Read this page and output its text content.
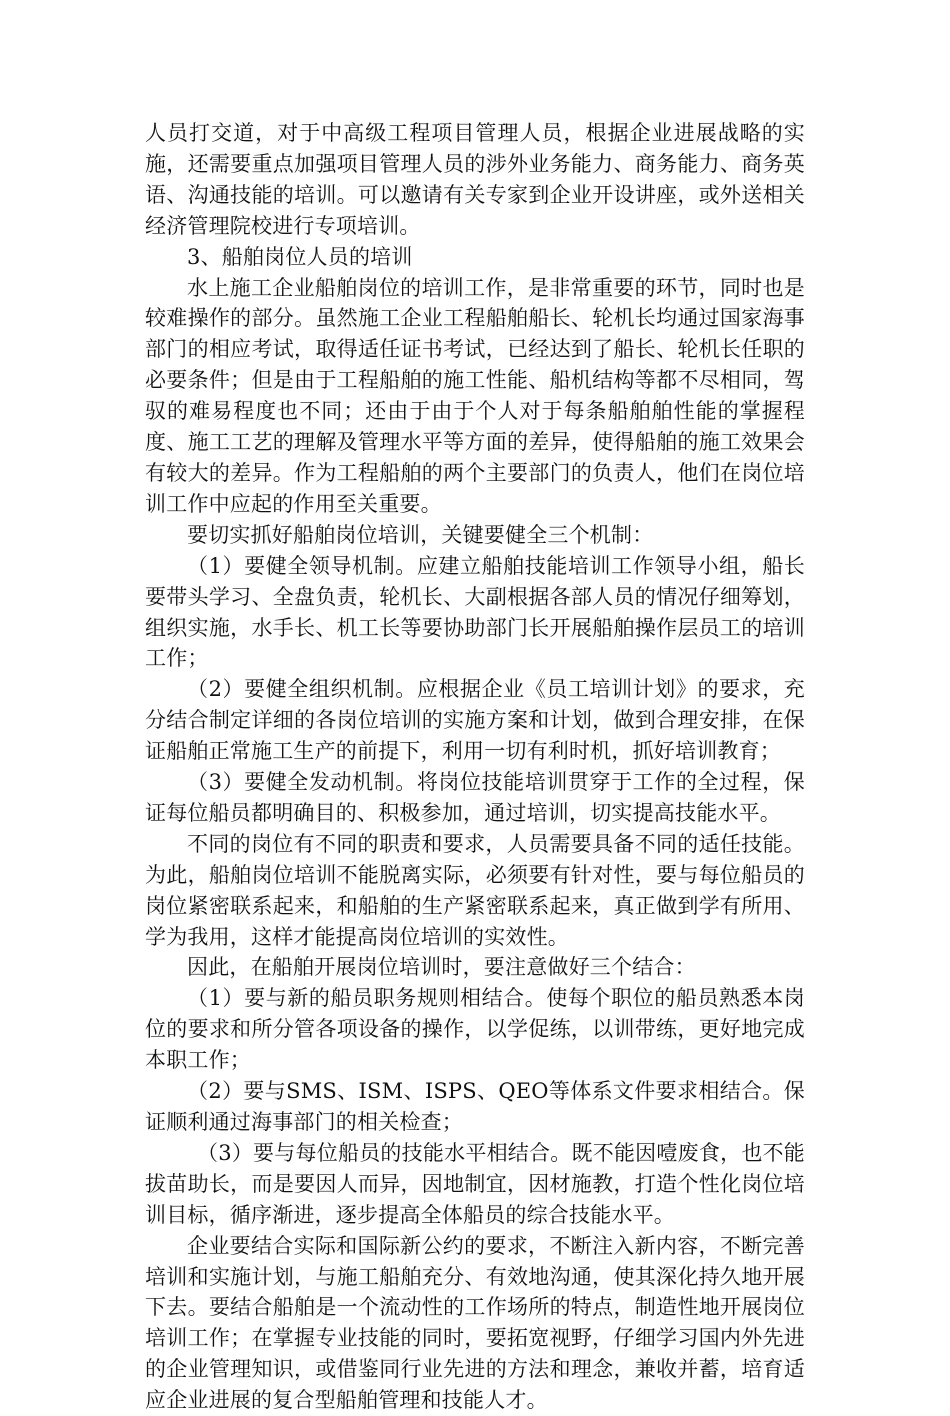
人员打交道，对于中高级工程项目管理人员，根据企业进展战略的实施，还需要重点加强项目管理人员的涉外业务能力、商务能力、商务英语、沟通技能的培训。可以邀请有关专家到企业开设讲座，或外送相关经济管理院校进行专项培训。

3、船舶岗位人员的培训

水上施工企业船舶岗位的培训工作，是非常重要的环节，同时也是较难操作的部分。虽然施工企业工程船舶船长、轮机长均通过国家海事部门的相应考试，取得适任证书考试，已经达到了船长、轮机长任职的必要条件；但是由于工程船舶的施工性能、船机结构等都不尽相同，驾驭的难易程度也不同；还由于由于个人对于每条船舶舶性能的掌握程度、施工工艺的理解及管理水平等方面的差异，使得船舶的施工效果会有较大的差异。作为工程船舶的两个主要部门的负责人，他们在岗位培训工作中应起的作用至关重要。

要切实抓好船舶岗位培训，关键要健全三个机制：

（1）要健全领导机制。应建立船舶技能培训工作领导小组，船长要带头学习、全盘负责，轮机长、大副根据各部人员的情况仔细筹划，组织实施，水手长、机工长等要协助部门长开展船舶操作层员工的培训工作；

（2）要健全组织机制。应根据企业《员工培训计划》的要求，充分结合制定详细的各岗位培训的实施方案和计划，做到合理安排，在保证船舶正常施工生产的前提下，利用一切有利时机，抓好培训教育；

（3）要健全发动机制。将岗位技能培训贯穿于工作的全过程，保证每位船员都明确目的、积极参加，通过培训，切实提高技能水平。

不同的岗位有不同的职责和要求，人员需要具备不同的适任技能。为此，船舶岗位培训不能脱离实际，必须要有针对性，要与每位船员的岗位紧密联系起来，和船舶的生产紧密联系起来，真正做到学有所用、学为我用，这样才能提高岗位培训的实效性。

因此，在船舶开展岗位培训时，要注意做好三个结合：

（1）要与新的船员职务规则相结合。使每个职位的船员熟悉本岗位的要求和所分管各项设备的操作，以学促练，以训带练，更好地完成本职工作；

（2）要与SMS、ISM、ISPS、QEO等体系文件要求相结合。保证顺利通过海事部门的相关检查；

（3）要与每位船员的技能水平相结合。既不能因噎废食，也不能拔苗助长，而是要因人而异，因地制宜，因材施教，打造个性化岗位培训目标，循序渐进，逐步提高全体船员的综合技能水平。

企业要结合实际和国际新公约的要求，不断注入新内容，不断完善培训和实施计划，与施工船舶充分、有效地沟通，使其深化持久地开展下去。要结合船舶是一个流动性的工作场所的特点，制造性地开展岗位培训工作；在掌握专业技能的同时，要拓宽视野，仔细学习国内外先进的企业管理知识，或借鉴同行业先进的方法和理念，兼收并蓄，培育适应企业进展的复合型船舶管理和技能人才。
